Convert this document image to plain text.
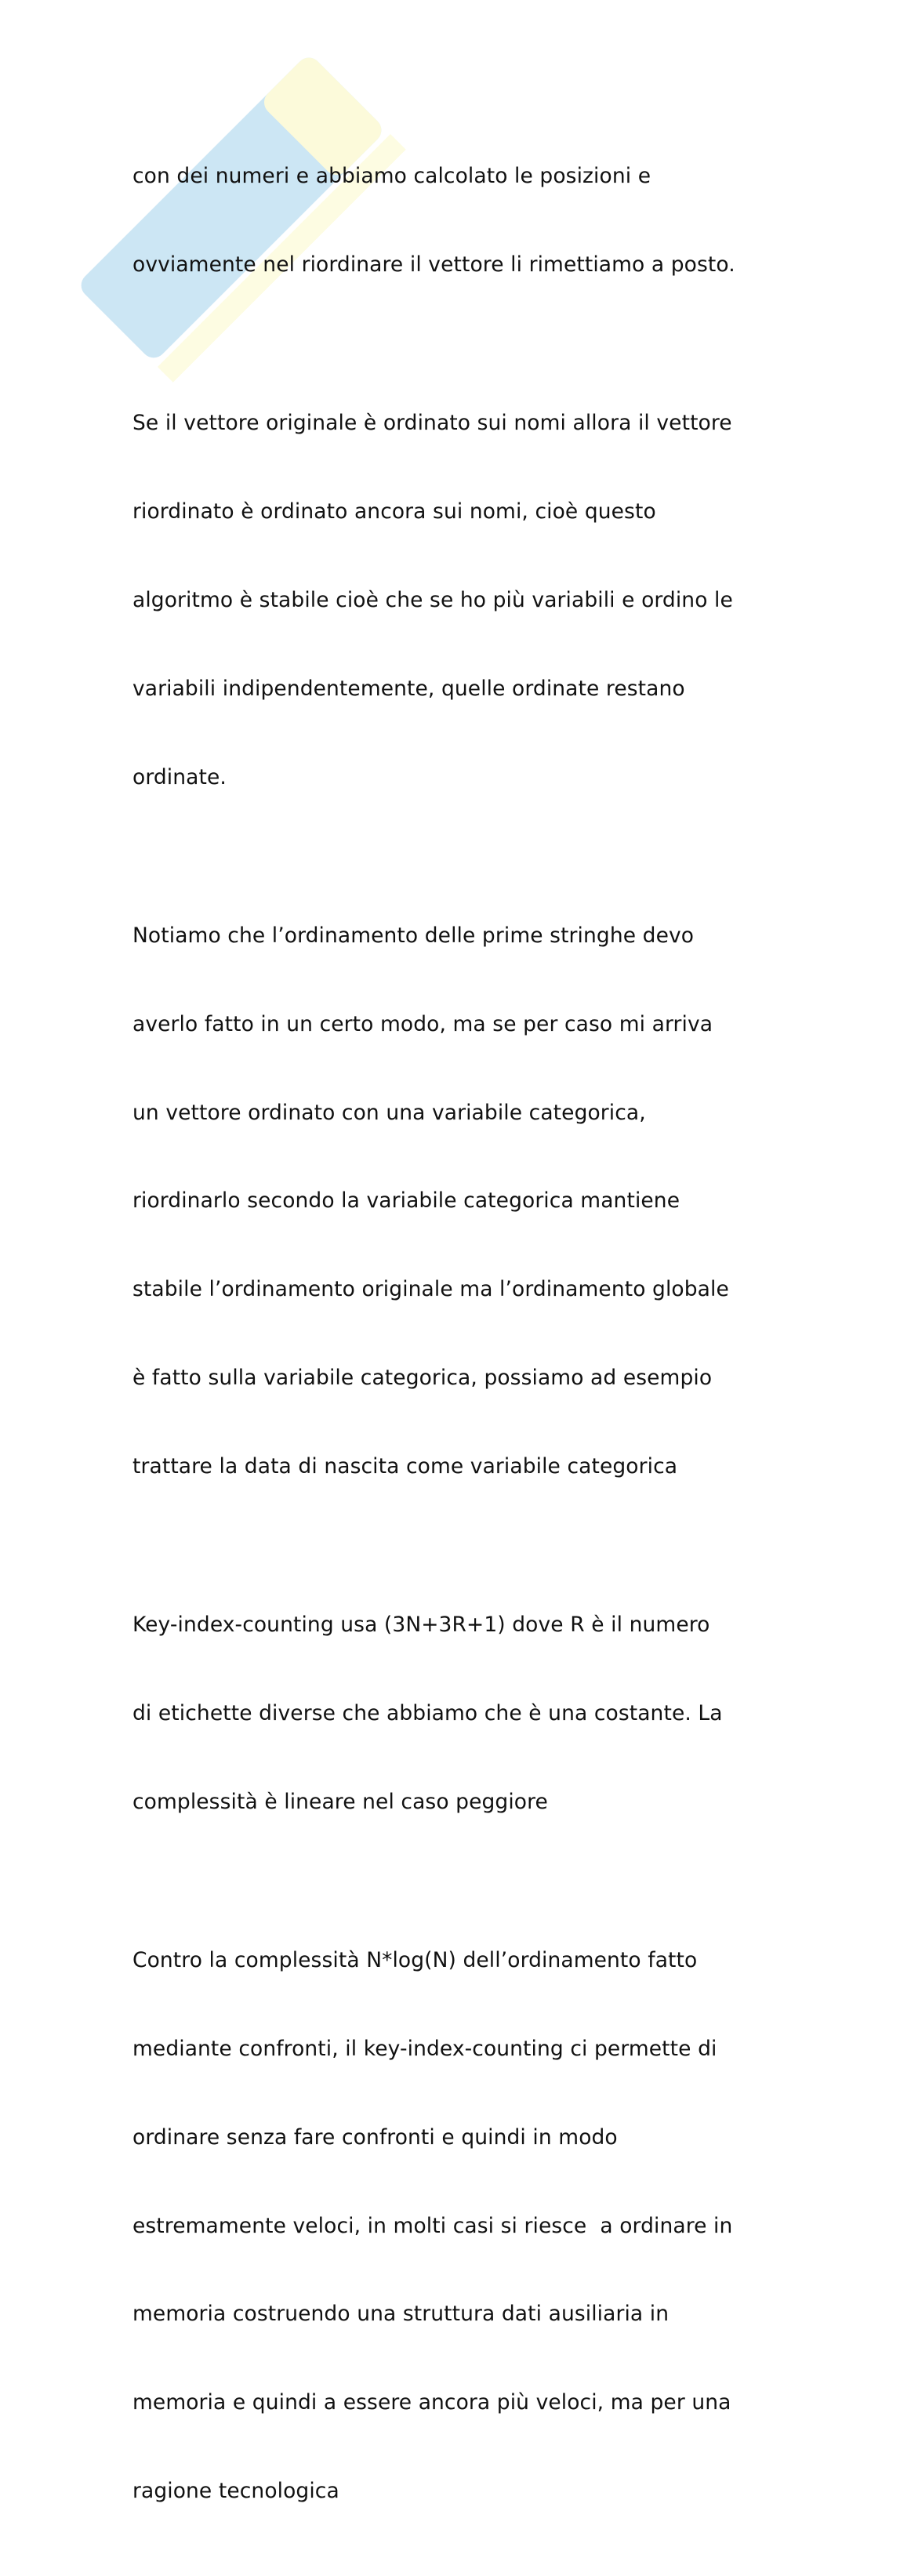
con dei numeri e abbiamo calcolato le posizioni e

ovviamente nel riordinare il vettore li rimettiamo a posto.

Se il vettore originale è ordinato sui nomi allora il vettore

riordinato è ordinato ancora sui nomi, cioè questo

algoritmo è stabile cioè che se ho più variabili e ordino le

variabili indipendentemente, quelle ordinate restano

ordinate.

Notiamo che l’ordinamento delle prime stringhe devo

averlo fatto in un certo modo, ma se per caso mi arriva

un vettore ordinato con una variabile categorica,

riordinarlo secondo la variabile categorica mantiene

stabile l’ordinamento originale ma l’ordinamento globale

è fatto sulla variabile categorica, possiamo ad esempio

trattare la data di nascita come variabile categorica

Key-index-counting usa (3N+3R+1) dove R è il numero

di etichette diverse che abbiamo che è una costante. La

complessità è lineare nel caso peggiore

Contro la complessità N*log(N) dell’ordinamento fatto

mediante confronti, il key-index-counting ci permette di

ordinare senza fare confronti e quindi in modo

estremamente veloci, in molti casi si riesce  a ordinare in

memoria costruendo una struttura dati ausiliaria in

memoria e quindi a essere ancora più veloci, ma per una

ragione tecnologica
